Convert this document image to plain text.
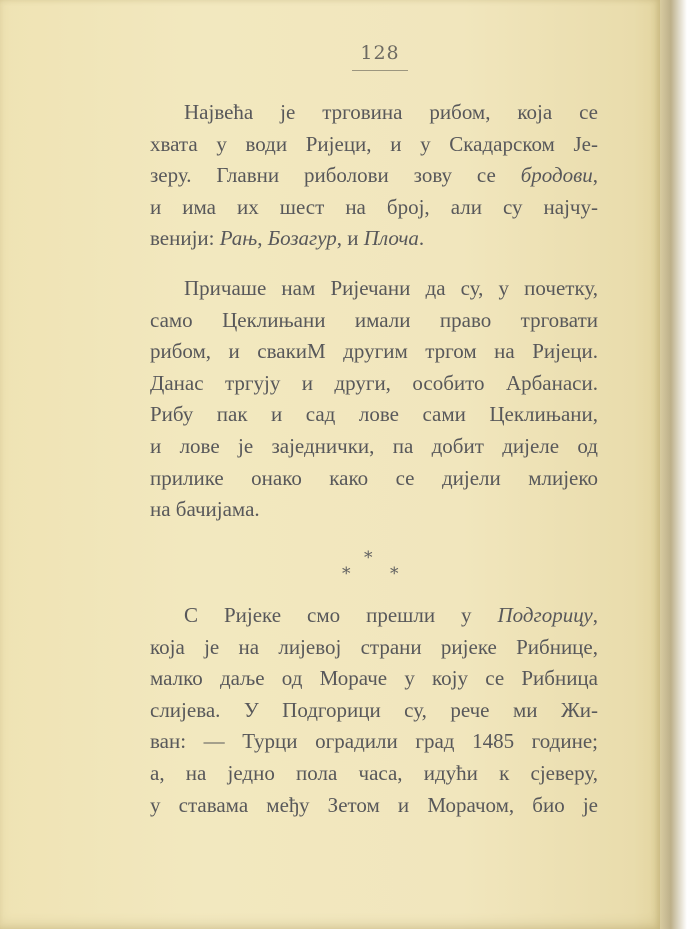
128
Највећа је трговина рибом, која се
хвата у води Ријеци, и у Скадарском Је-
зеру. Главни риболови зову се бродови,
и има их шест на број, али су најчу-
венији: Рањ, Бозагур, и Плоча.
Причаше нам Ријечани да су, у почетку,
само Цеклињани имали право трговати
рибом, и свакиM другим тргом на Ријеци.
Данас тргују и други, особито Арбанаси.
Рибу пак и сад лове сами Цеклињани,
и лове је заједнички, па добит дијеле од
прилике онако како се дијели млијеко
на бачијама.
*
* *
С Ријеке смо прешли у Подгорицу,
која је на лијевој страни ријеке Рибнице,
малко даље од Мораче у коју се Рибница
слијева. У Подгорици су, рече ми Жи-
ван: — Турци оградили град 1485 године;
а, на једно пола часа, идући к сјеверу,
у ставама међу Зетом и Морачом, био је
